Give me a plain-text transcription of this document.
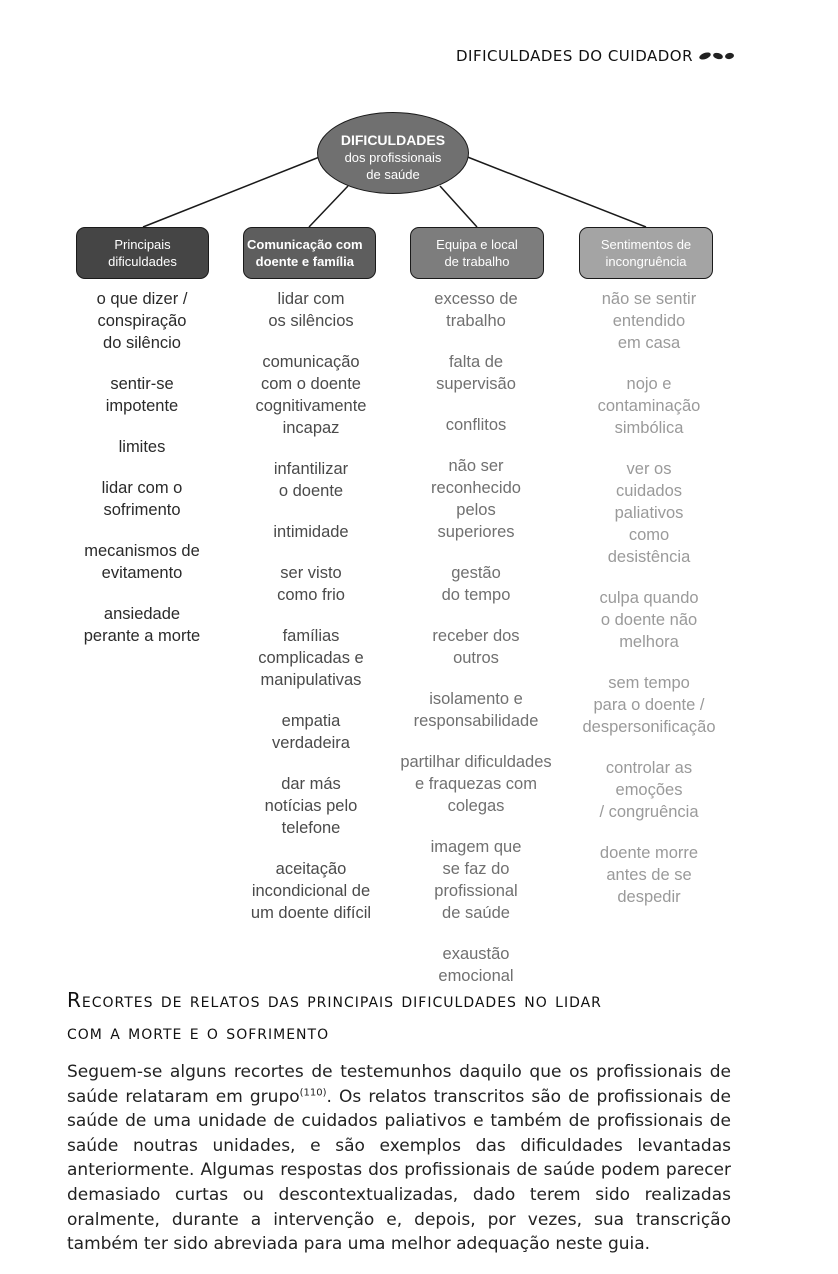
DIFICULDADES DO CUIDADOR
DIFICULDADES
dos profissionais
de saúde
Principais
dificuldades
Comunicação com
doente e família
Equipa e local
de trabalho
Sentimentos de
incongruência
o que dizer /
conspiração
do silêncio
sentir-se
impotente
limites
lidar com o
sofrimento
mecanismos de
evitamento
ansiedade
perante a morte
lidar com
os silêncios
comunicação
com o doente
cognitivamente
incapaz
infantilizar
o doente
intimidade
ser visto
como frio
famílias
complicadas e
manipulativas
empatia
verdadeira
dar más
notícias pelo
telefone
aceitação
incondicional de
um doente difícil
excesso de
trabalho
falta de
supervisão
conflitos
não ser
reconhecido
pelos
superiores
gestão
do tempo
receber dos
outros
isolamento e
responsabilidade
partilhar dificuldades
e fraquezas com
colegas
imagem que
se faz do
profissional
de saúde
exaustão
emocional
não se sentir
entendido
em casa
nojo e
contaminação
simbólica
ver os
cuidados
paliativos
como
desistência
culpa quando
o doente não
melhora
sem tempo
para o doente /
despersonificação
controlar as
emoções
/ congruência
doente morre
antes de se
despedir
Recortes de relatos das principais dificuldades no lidar
com a morte e o sofrimento

Seguem-se alguns recortes de testemunhos daquilo que os profissionais de saúde relataram em grupo$^{(110)}$. Os relatos transcritos são de profissionais de saúde de uma unidade de cuidados paliativos e também de profissionais de saúde noutras unidades, e são exemplos das dificuldades levantadas anteriormente. Algumas respostas dos profissionais de saúde podem parecer demasiado curtas ou descontextualizadas, dado terem sido realizadas oralmente, durante a intervenção e, depois, por vezes, sua transcrição também ter sido abreviada para uma melhor adequação neste guia.
